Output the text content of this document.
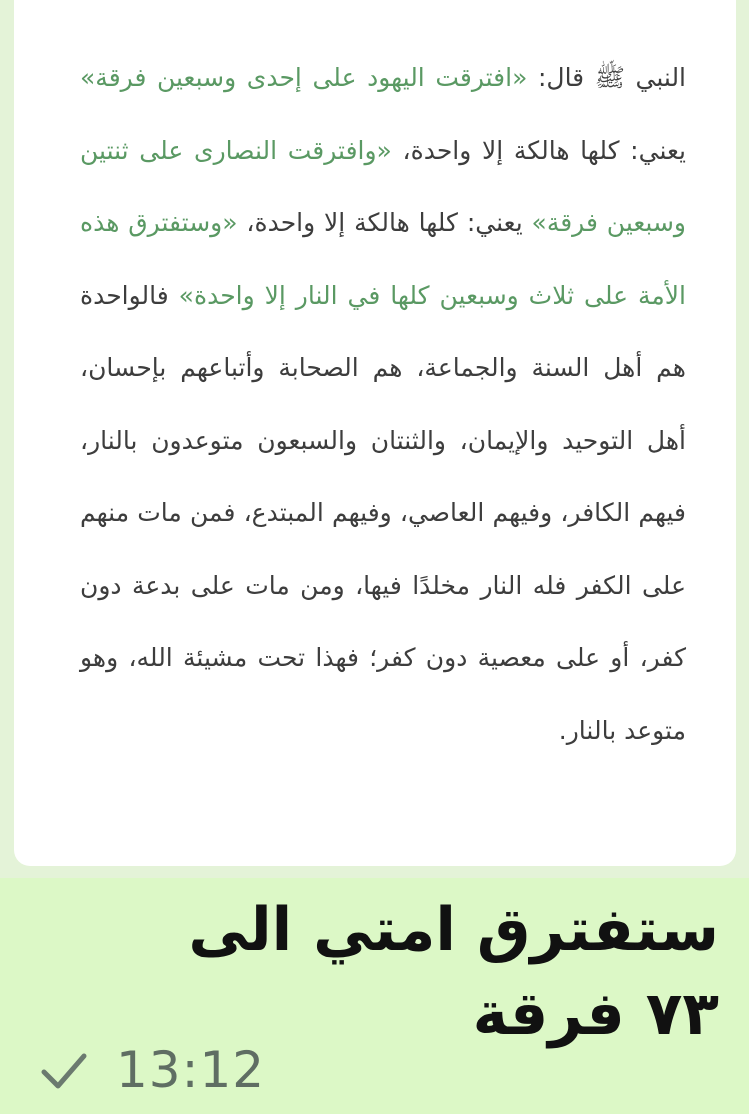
النبي ﷺ قال: «افترقت اليهود على إحدى وسبعين فرقة» يعني: كلها هالكة إلا واحدة، «وافترقت النصارى على ثنتين وسبعين فرقة» يعني: كلها هالكة إلا واحدة، «وستفترق هذه الأمة على ثلاث وسبعين كلها في النار إلا واحدة» فالواحدة هم أهل السنة والجماعة، هم الصحابة وأتباعهم بإحسان، أهل التوحيد والإيمان، والثنتان والسبعون متوعدون بالنار، فيهم الكافر، وفيهم العاصي، وفيهم المبتدع، فمن مات منهم على الكفر فله النار مخلدًا فيها، ومن مات على بدعة دون كفر، أو على معصية دون كفر؛ فهذا تحت مشيئة الله، وهو متوعد بالنار.
ستفترق امتي الى ٧٣ فرقة
13:12
